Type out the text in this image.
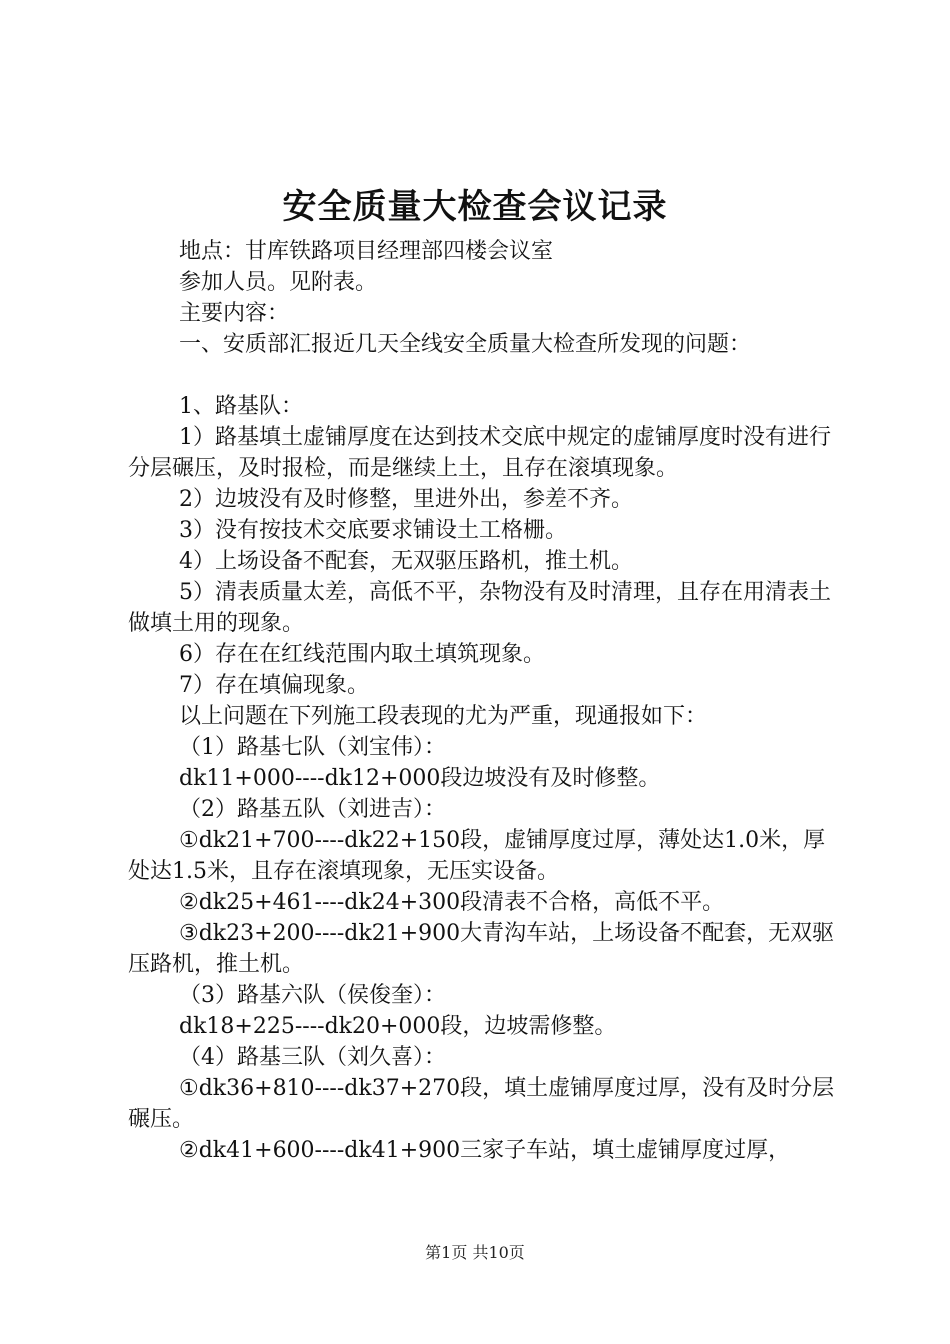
安全质量大检查会议记录

地点：甘库铁路项目经理部四楼会议室

参加人员。见附表。

主要内容：

一、安质部汇报近几天全线安全质量大检查所发现的问题：

1、路基队：

1）路基填土虚铺厚度在达到技术交底中规定的虚铺厚度时没有进行分层碾压，及时报检，而是继续上土，且存在滚填现象。

2）边坡没有及时修整，里进外出，参差不齐。

3）没有按技术交底要求铺设土工格栅。

4）上场设备不配套，无双驱压路机，推土机。

5）清表质量太差，高低不平，杂物没有及时清理，且存在用清表土做填土用的现象。

6）存在在红线范围内取土填筑现象。

7）存在填偏现象。

以上问题在下列施工段表现的尤为严重，现通报如下：

（1）路基七队（刘宝伟）：

dk11+000----dk12+000段边坡没有及时修整。

（2）路基五队（刘进吉）：

①dk21+700----dk22+150段，虚铺厚度过厚，薄处达1.0米，厚处达1.5米，且存在滚填现象，无压实设备。

②dk25+461----dk24+300段清表不合格，高低不平。

③dk23+200----dk21+900大青沟车站，上场设备不配套，无双驱压路机，推土机。

（3）路基六队（侯俊奎）：

dk18+225----dk20+000段，边坡需修整。

（4）路基三队（刘久喜）：

①dk36+810----dk37+270段，填土虚铺厚度过厚，没有及时分层碾压。

②dk41+600----dk41+900三家子车站，填土虚铺厚度过厚，

第1页 共10页
